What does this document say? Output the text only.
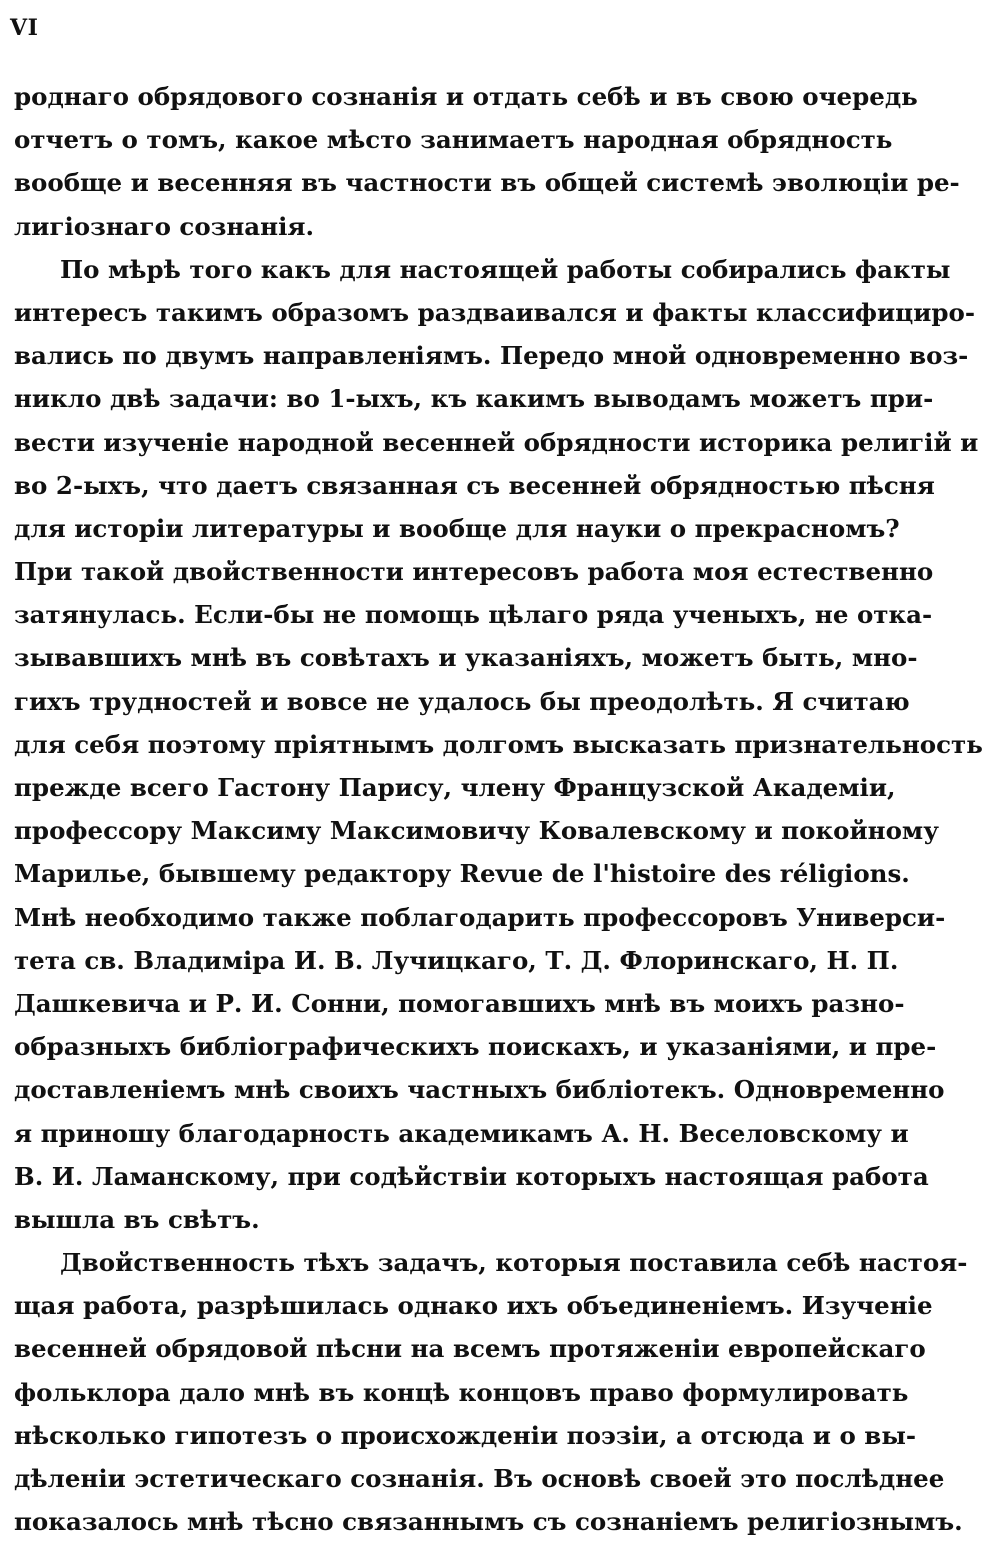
VI
роднаго обрядового сознанія и отдать себѣ и въ свою очередь
отчетъ о томъ, какое мѣсто занимаетъ народная обрядность
вообще и весенняя въ частности въ общей системѣ эволюціи ре-
лигіознаго сознанія.
По мѣрѣ того какъ для настоящей работы собирались факты
интересъ такимъ образомъ раздваивался и факты классифициро-
вались по двумъ направленіямъ. Передо мной одновременно воз-
никло двѣ задачи: во 1-ыхъ, къ какимъ выводамъ можетъ при-
вести изученіе народной весенней обрядности историка религій и
во 2-ыхъ, что даетъ связанная съ весенней обрядностью пѣсня
для исторіи литературы и вообще для науки о прекрасномъ?
При такой двойственности интересовъ работа моя естественно
затянулась. Если-бы не помощь цѣлаго ряда ученыхъ, не отка-
зывавшихъ мнѣ въ совѣтахъ и указаніяхъ, можетъ быть, мно-
гихъ трудностей и вовсе не удалось бы преодолѣть. Я считаю
для себя поэтому пріятнымъ долгомъ высказать признательность
прежде всего Гастону Парису, члену Французской Академіи,
профессору Максиму Максимовичу Ковалевскому и покойному
Марилье, бывшему редактору Revue de l'histoire des rélіgions.
Мнѣ необходимо также поблагодарить профессоровъ Универси-
тета св. Владиміра И. В. Лучицкаго, Т. Д. Флоринскаго, Н. П.
Дашкевича и Р. И. Сонни, помогавшихъ мнѣ въ моихъ разно-
образныхъ библіографическихъ поискахъ, и указаніями, и пре-
доставленіемъ мнѣ своихъ частныхъ библіотекъ. Одновременно
я приношу благодарность академикамъ А. Н. Веселовскому и
В. И. Ламанскому, при содѣйствіи которыхъ настоящая работа
вышла въ свѣтъ.
Двойственность тѣхъ задачъ, которыя поставила себѣ настоя-
щая работа, разрѣшилась однако ихъ объединеніемъ. Изученіе
весенней обрядовой пѣсни на всемъ протяженіи европейскаго
фольклора дало мнѣ въ концѣ концовъ право формулировать
нѣсколько гипотезъ о происхожденіи поэзіи, а отсюда и о вы-
дѣленіи эстетическаго сознанія. Въ основѣ своей это послѣднее
показалось мнѣ тѣсно связаннымъ съ сознаніемъ религіознымъ.
